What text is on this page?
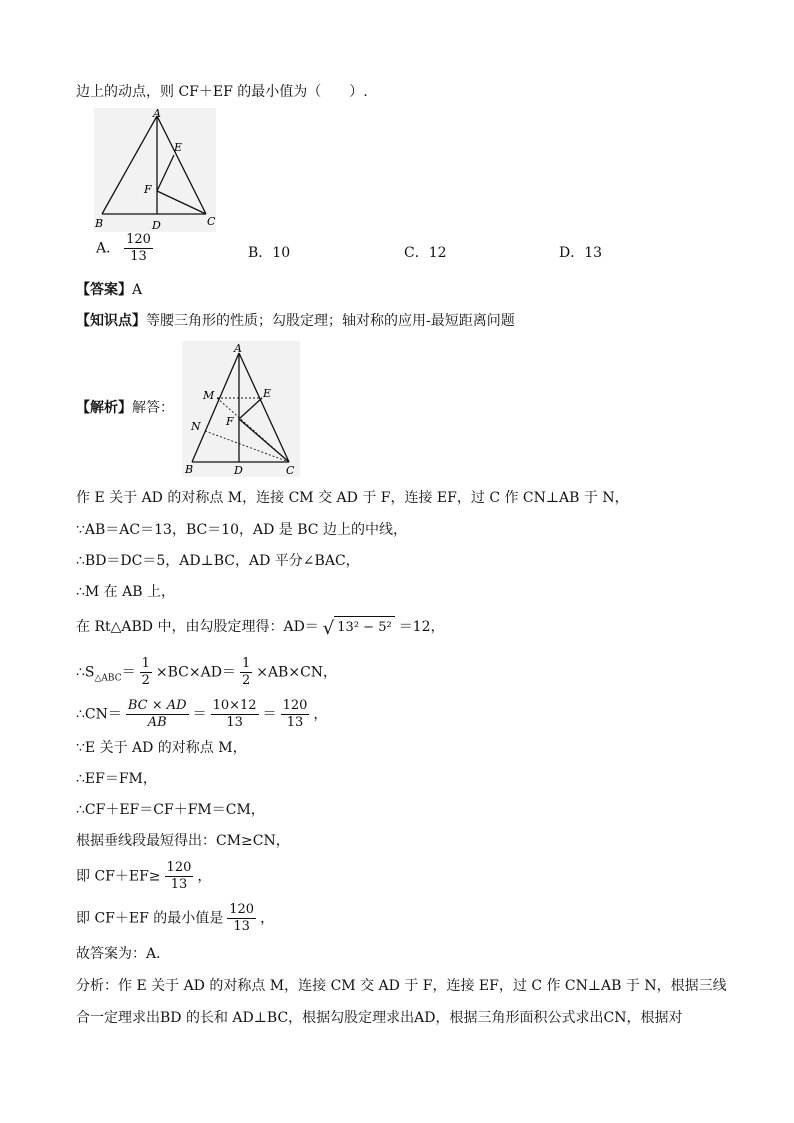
边上的动点，则 CF＋EF 的最小值为（　　）.
A
E
F
B	D	C
A． $\frac{120}{13}$	B．10	C．12	D．13
【答案】A
【知识点】等腰三角形的性质；勾股定理；轴对称的应用-最短距离问题
【解析】解答：
A
M	E
N F
B	D	C
作 E 关于 AD 的对称点 M，连接 CM 交 AD 于 F，连接 EF，过 C 作 CN⊥AB 于 N，
∵AB＝AC＝13，BC＝10，AD 是 BC 边上的中线，
∴BD＝DC＝5，AD⊥BC，AD 平分∠BAC，
∴M 在 AB 上，
在 Rt△ABD 中，由勾股定理得：AD＝ √ 13² − 5² ＝12，
$\therefore S_{\triangle ABC}= \frac{1}{2} \times BC\times AD= \frac{1}{2} \times AB\times CN$，
∴CN＝ $\frac{BC \times AD}{AB} = \frac{10\times 12}{13} = \frac{120}{13}$ ，
∵E 关于 AD 的对称点 M，
∴EF＝FM，
∴CF＋EF＝CF＋FM＝CM，
根据垂线段最短得出：CM≥CN，
即 $CF+EF\ge \frac{120}{13}$ ，
即 CF＋EF 的最小值是 $\frac{120}{13}$ ，
故答案为：A．
分析：作 E 关于 AD 的对称点 M，连接 CM 交 AD 于 F，连接 EF，过 C 作 CN⊥AB 于 N，根据三线
合一定理求出BD 的长和 AD⊥BC，根据勾股定理求出AD，根据三角形面积公式求出CN，根据对
